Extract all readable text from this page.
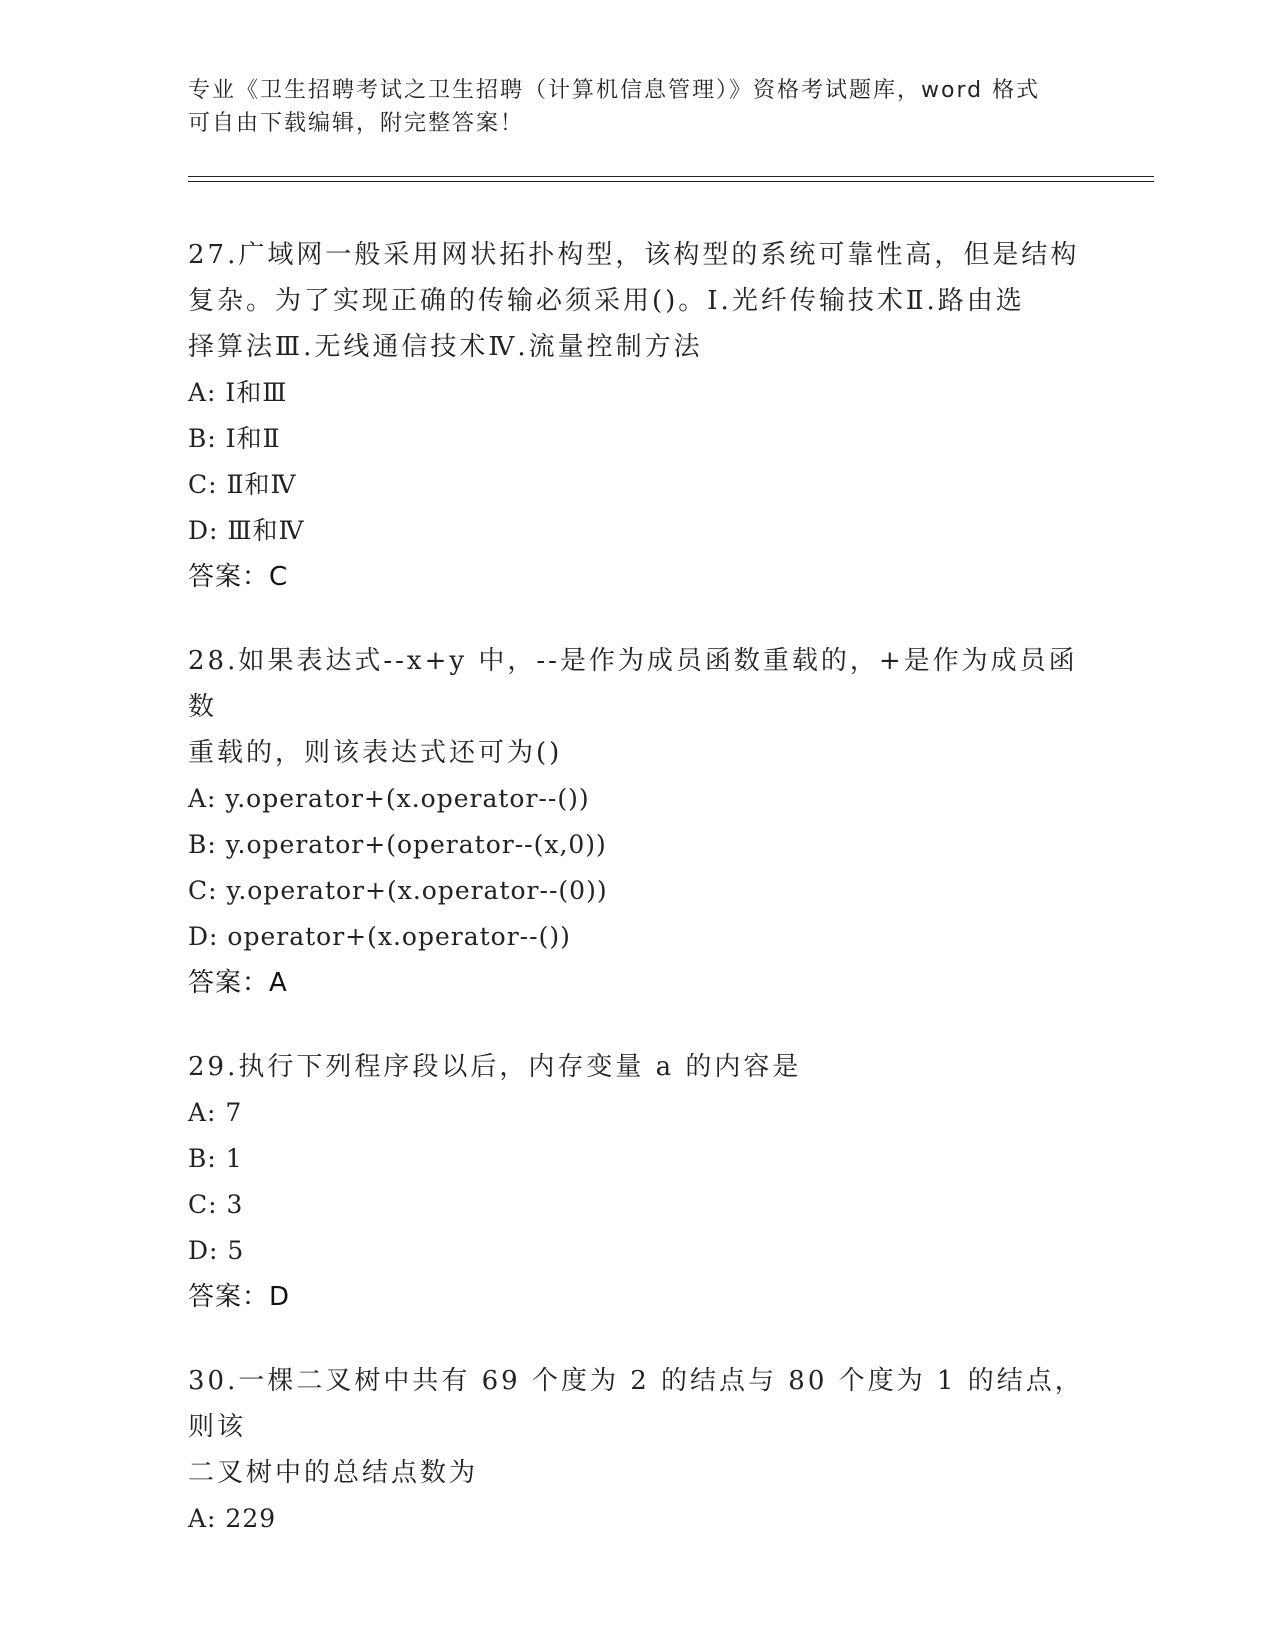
专业《卫生招聘考试之卫生招聘（计算机信息管理）》资格考试题库，word 格式
可自由下载编辑，附完整答案！
27.广域网一般采用网状拓扑构型，该构型的系统可靠性高，但是结构
复杂。为了实现正确的传输必须采用()。Ⅰ.光纤传输技术Ⅱ.路由选
择算法Ⅲ.无线通信技术Ⅳ.流量控制方法
A: Ⅰ和Ⅲ
B: Ⅰ和Ⅱ
C: Ⅱ和Ⅳ
D: Ⅲ和Ⅳ
答案：C
28.如果表达式--x+y 中，--是作为成员函数重载的，+是作为成员函数
重载的，则该表达式还可为()
A: y.operator+(x.operator--())
B: y.operator+(operator--(x,0))
C: y.operator+(x.operator--(0))
D: operator+(x.operator--())
答案：A
29.执行下列程序段以后，内存变量 a 的内容是
A: 7
B: 1
C: 3
D: 5
答案：D
30.一棵二叉树中共有 69 个度为 2 的结点与 80 个度为 1 的结点，则该
二叉树中的总结点数为
A: 229
